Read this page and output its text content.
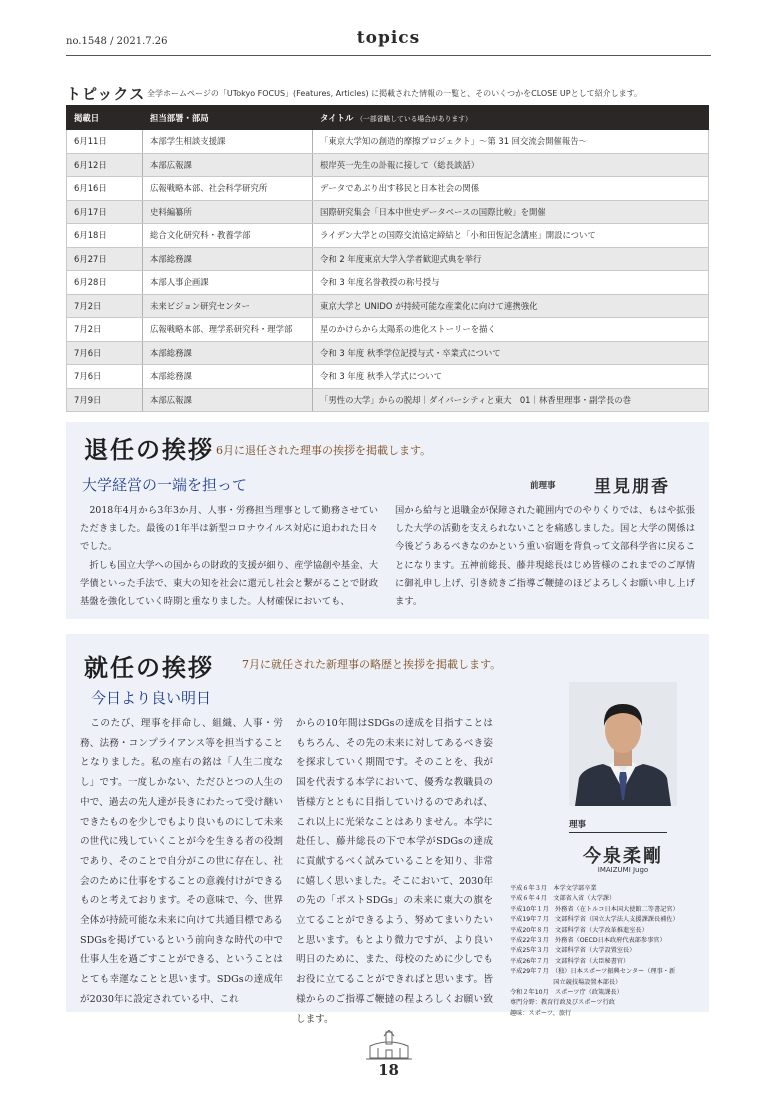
no.1548 / 2021.7.26	topics
トピックス 全学ホームページの「UTokyo FOCUS」(Features, Articles) に掲載された情報の一覧と、そのいくつかをCLOSE UPとして紹介します。
掲載日	担当部署・部局	タイトル （一部省略している場合があります）
6月11日	本部学生相談支援課	「東京大学知の創造的摩擦プロジェクト」～第 31 回交流会開催報告～
6月12日	本部広報課	根岸英一先生の訃報に接して（総長談話）
6月16日	広報戦略本部、社会科学研究所	データであぶり出す移民と日本社会の関係
6月17日	史料編纂所	国際研究集会「日本中世史データベースの国際比較」を開催
6月18日	総合文化研究科・教養学部	ライデン大学との国際交流協定締結と「小和田恆記念講座」開設について
6月27日	本部総務課	令和 2 年度東京大学入学者歓迎式典を挙行
6月28日	本部人事企画課	令和 3 年度名誉教授の称号授与
7月2日	未来ビジョン研究センター	東京大学と UNIDO が持続可能な産業化に向けて連携強化
7月2日	広報戦略本部、理学系研究科・理学部	星のかけらから太陽系の進化ストーリーを描く
7月6日	本部総務課	令和 3 年度 秋季学位記授与式・卒業式について
7月6日	本部総務課	令和 3 年度 秋季入学式について
7月9日	本部広報課	「男性の大学」からの脱却｜ダイバーシティと東大　01｜林香里理事・副学長の巻
退任の挨拶 6月に退任された理事の挨拶を掲載します。
大学経営の一端を担って	前理事 里見朋香

　2018年4月から3年3か月、人事・労務担当理事として勤務させていただきました。最後の1年半は新型コロナウイルス対応に追われた日々でした。
　折しも国立大学への国からの財政的支援が細り、産学協創や基金、大学債といった手法で、東大の知を社会に還元し社会と繋がることで財政基盤を強化していく時期と重なりました。人材確保においても、

国から給与と退職金が保障された範囲内でのやりくりでは、もはや拡張した大学の活動を支えられないことを痛感しました。国と大学の関係は今後どうあるべきなのかという重い宿題を背負って文部科学省に戻ることになります。五神前総長、藤井現総長はじめ皆様のこれまでのご厚情に御礼申し上げ、引き続きご指導ご鞭撻のほどよろしくお願い申し上げます。

就任の挨拶	7月に就任された新理事の略歴と挨拶を掲載します。
今日より良い明日

　このたび、理事を拝命し、組織、人事・労務、法務・コンプライアンス等を担当することとなりました。私の座右の銘は「人生二度なし」です。一度しかない、ただひとつの人生の中で、過去の先人達が長きにわたって受け継いできたものを少しでもより良いものにして未来の世代に残していくことが今を生きる者の役割であり、そのことで自分がこの世に存在し、社会のために仕事をすることの意義付けができるものと考えております。その意味で、今、世界全体が持続可能な未来に向けて共通目標であるSDGsを掲げているという前向きな時代の中で仕事人生を過ごすことができる、ということはとても幸運なことと思います。SDGsの達成年が2030年に設定されている中、これ

からの10年間はSDGsの達成を目指すことはもちろん、その先の未来に対してあるべき姿を探求していく期間です。そのことを、我が国を代表する本学において、優秀な教職員の皆様方とともに目指していけるのであれば、これ以上に光栄なことはありません。本学に赴任し、藤井総長の下で本学がSDGsの達成に貢献するべく試みていることを知り、非常に嬉しく思いました。そこにおいて、2030年の先の「ポストSDGs」の未来に東大の旗を立てることができるよう、努めてまいりたいと思います。もとより微力ですが、より良い明日のために、また、母校のために少しでもお役に立てることができればと思います。皆様からのご指導ご鞭撻の程よろしくお願い致します。

理事
今泉柔剛
IMAIZUMI Jugo
平成６年３月　本学文学部卒業
平成６年４月　文部省入省（大学課）
平成10年１月　外務省（在トルコ日本国大使館二等書記官）
平成19年７月　文部科学省（国立大学法人支援課課長補佐）
平成20年８月　文部科学省（大学改革推進室長）
平成22年３月　外務省（OECD日本政府代表部参事官）
平成25年３月　文部科学省（大学設置室長）
平成26年７月　文部科学省（大臣秘書官）
平成29年７月　（独）日本スポーツ振興センター（理事・新
　　　　　　　国立競技場設置本部長）
令和２年10月　スポーツ庁（政策課長）
専門分野：教育行政及びスポーツ行政
趣味：スポーツ、旅行
18
